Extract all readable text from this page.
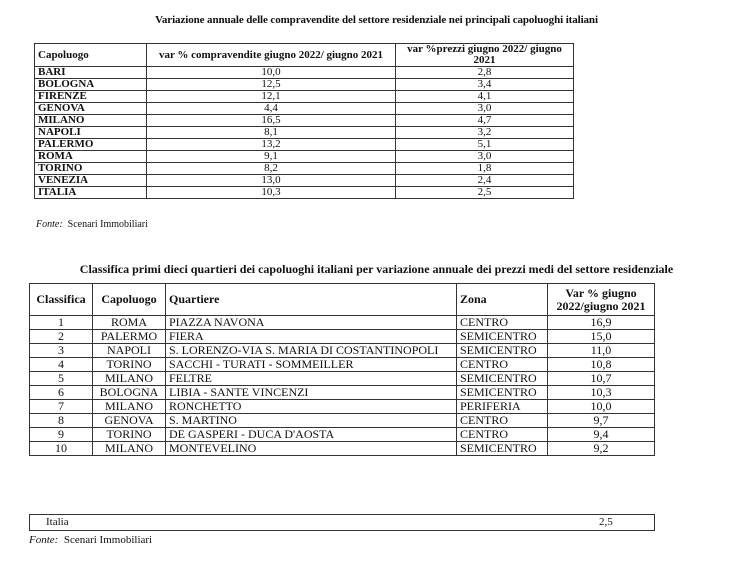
Variazione annuale delle compravendite del settore residenziale nei principali capoluoghi italiani
Capoluogo	var % compravendite giugno 2022/ giugno 2021	var %prezzi giugno 2022/ giugno 2021
BARI	10,0	2,8
BOLOGNA	12,5	3,4
FIRENZE	12,1	4,1
GENOVA	4,4	3,0
MILANO	16,5	4,7
NAPOLI	8,1	3,2
PALERMO	13,2	5,1
ROMA	9,1	3,0
TORINO	8,2	1,8
VENEZIA	13,0	2,4
ITALIA	10,3	2,5
Fonte: Scenari Immobiliari
Classifica primi dieci quartieri dei capoluoghi italiani per variazione annuale dei prezzi medi del settore residenziale
Classifica	Capoluogo	Quartiere	Zona	Var % giugno 2022/giugno 2021
1	ROMA	PIAZZA NAVONA	CENTRO	16,9
2	PALERMO	FIERA	SEMICENTRO	15,0
3	NAPOLI	S. LORENZO-VIA S. MARIA DI COSTANTINOPOLI	SEMICENTRO	11,0
4	TORINO	SACCHI - TURATI - SOMMEILLER	CENTRO	10,8
5	MILANO	FELTRE	SEMICENTRO	10,7
6	BOLOGNA	LIBIA - SANTE VINCENZI	SEMICENTRO	10,3
7	MILANO	RONCHETTO	PERIFERIA	10,0
8	GENOVA	S. MARTINO	CENTRO	9,7
9	TORINO	DE GASPERI - DUCA D'AOSTA	CENTRO	9,4
10	MILANO	MONTEVELINO	SEMICENTRO	9,2
Italia	2,5
Fonte: Scenari Immobiliari
